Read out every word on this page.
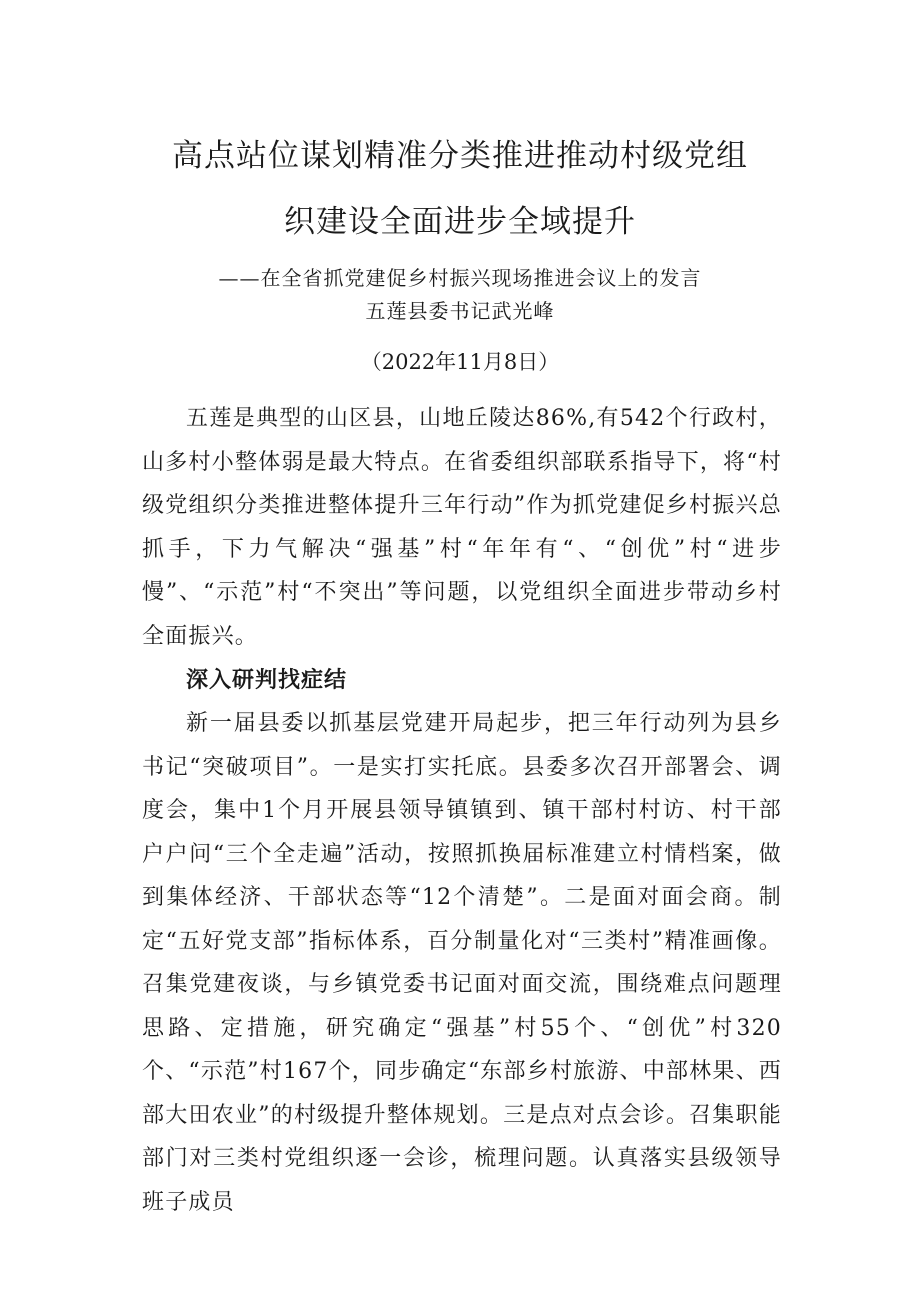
高点站位谋划精准分类推进推动村级党组
织建设全面进步全域提升
——在全省抓党建促乡村振兴现场推进会议上的发言
五莲县委书记武光峰
（2022年11月8日）

五莲是典型的山区县，山地丘陵达86%,有542个行政村，山多村小整体弱是最大特点。在省委组织部联系指导下，将“村级党组织分类推进整体提升三年行动”作为抓党建促乡村振兴总抓手，下力气解决“强基”村“年年有“、“创优”村“进步慢”、“示范”村“不突出”等问题，以党组织全面进步带动乡村全面振兴。

深入研判找症结

新一届县委以抓基层党建开局起步，把三年行动列为县乡书记“突破项目”。一是实打实托底。县委多次召开部署会、调度会，集中1个月开展县领导镇镇到、镇干部村村访、村干部户户问“三个全走遍”活动，按照抓换届标准建立村情档案，做到集体经济、干部状态等“12个清楚”。二是面对面会商。制定“五好党支部”指标体系，百分制量化对“三类村”精准画像。召集党建夜谈，与乡镇党委书记面对面交流，围绕难点问题理思路、定措施，研究确定“强基”村55个、“创优”村320个、“示范”村167个，同步确定“东部乡村旅游、中部林果、西部大田农业”的村级提升整体规划。三是点对点会诊。召集职能部门对三类村党组织逐一会诊，梳理问题。认真落实县级领导班子成员
